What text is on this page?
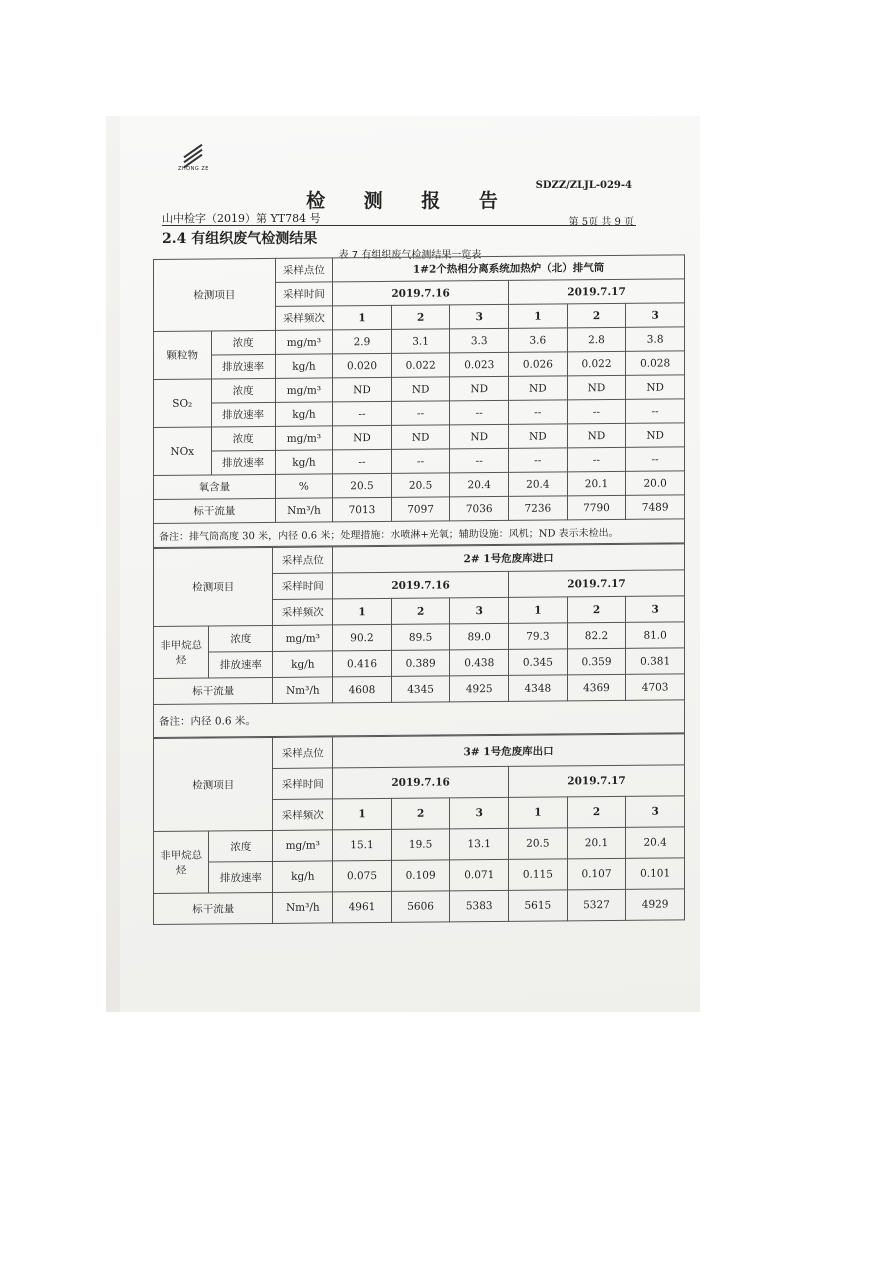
ZHONG ZE
SDZZ/ZLJL-029-4
检 测 报 告
山中检字（2019）第 YT784 号	第 5页 共 9 页
2.4 有组织废气检测结果
表 7 有组织废气检测结果一览表
检测项目		采样点位	1#2个热相分离系统加热炉（北）排气筒					
		采样时间	2019.7.16			2019.7.17		
		采样频次	1	2	3	1	2	3
颗粒物	浓度	mg/m³	2.9	3.1	3.3	3.6	2.8	3.8
	排放速率	kg/h	0.020	0.022	0.023	0.026	0.022	0.028
SO₂	浓度	mg/m³	ND	ND	ND	ND	ND	ND
	排放速率	kg/h	--	--	--	--	--	--
NOx	浓度	mg/m³	ND	ND	ND	ND	ND	ND
	排放速率	kg/h	--	--	--	--	--	--
氧含量		%	20.5	20.5	20.4	20.4	20.1	20.0
标干流量		Nm³/h	7013	7097	7036	7236	7790	7489
备注：排气筒高度 30 米，内径 0.6 米；处理措施：水喷淋+光氧；辅助设施：风机；ND 表示未检出。								
检测项目		采样点位	2# 1号危废库进口					
		采样时间	2019.7.16			2019.7.17		
		采样频次	1	2	3	1	2	3
非甲烷总烃	浓度	mg/m³	90.2	89.5	89.0	79.3	82.2	81.0
	排放速率	kg/h	0.416	0.389	0.438	0.345	0.359	0.381
标干流量		Nm³/h	4608	4345	4925	4348	4369	4703
备注：内径 0.6 米。								
检测项目		采样点位	3# 1号危废库出口					
		采样时间	2019.7.16			2019.7.17		
		采样频次	1	2	3	1	2	3
非甲烷总烃	浓度	mg/m³	15.1	19.5	13.1	20.5	20.1	20.4
	排放速率	kg/h	0.075	0.109	0.071	0.115	0.107	0.101
标干流量		Nm³/h	4961	5606	5383	5615	5327	4929
